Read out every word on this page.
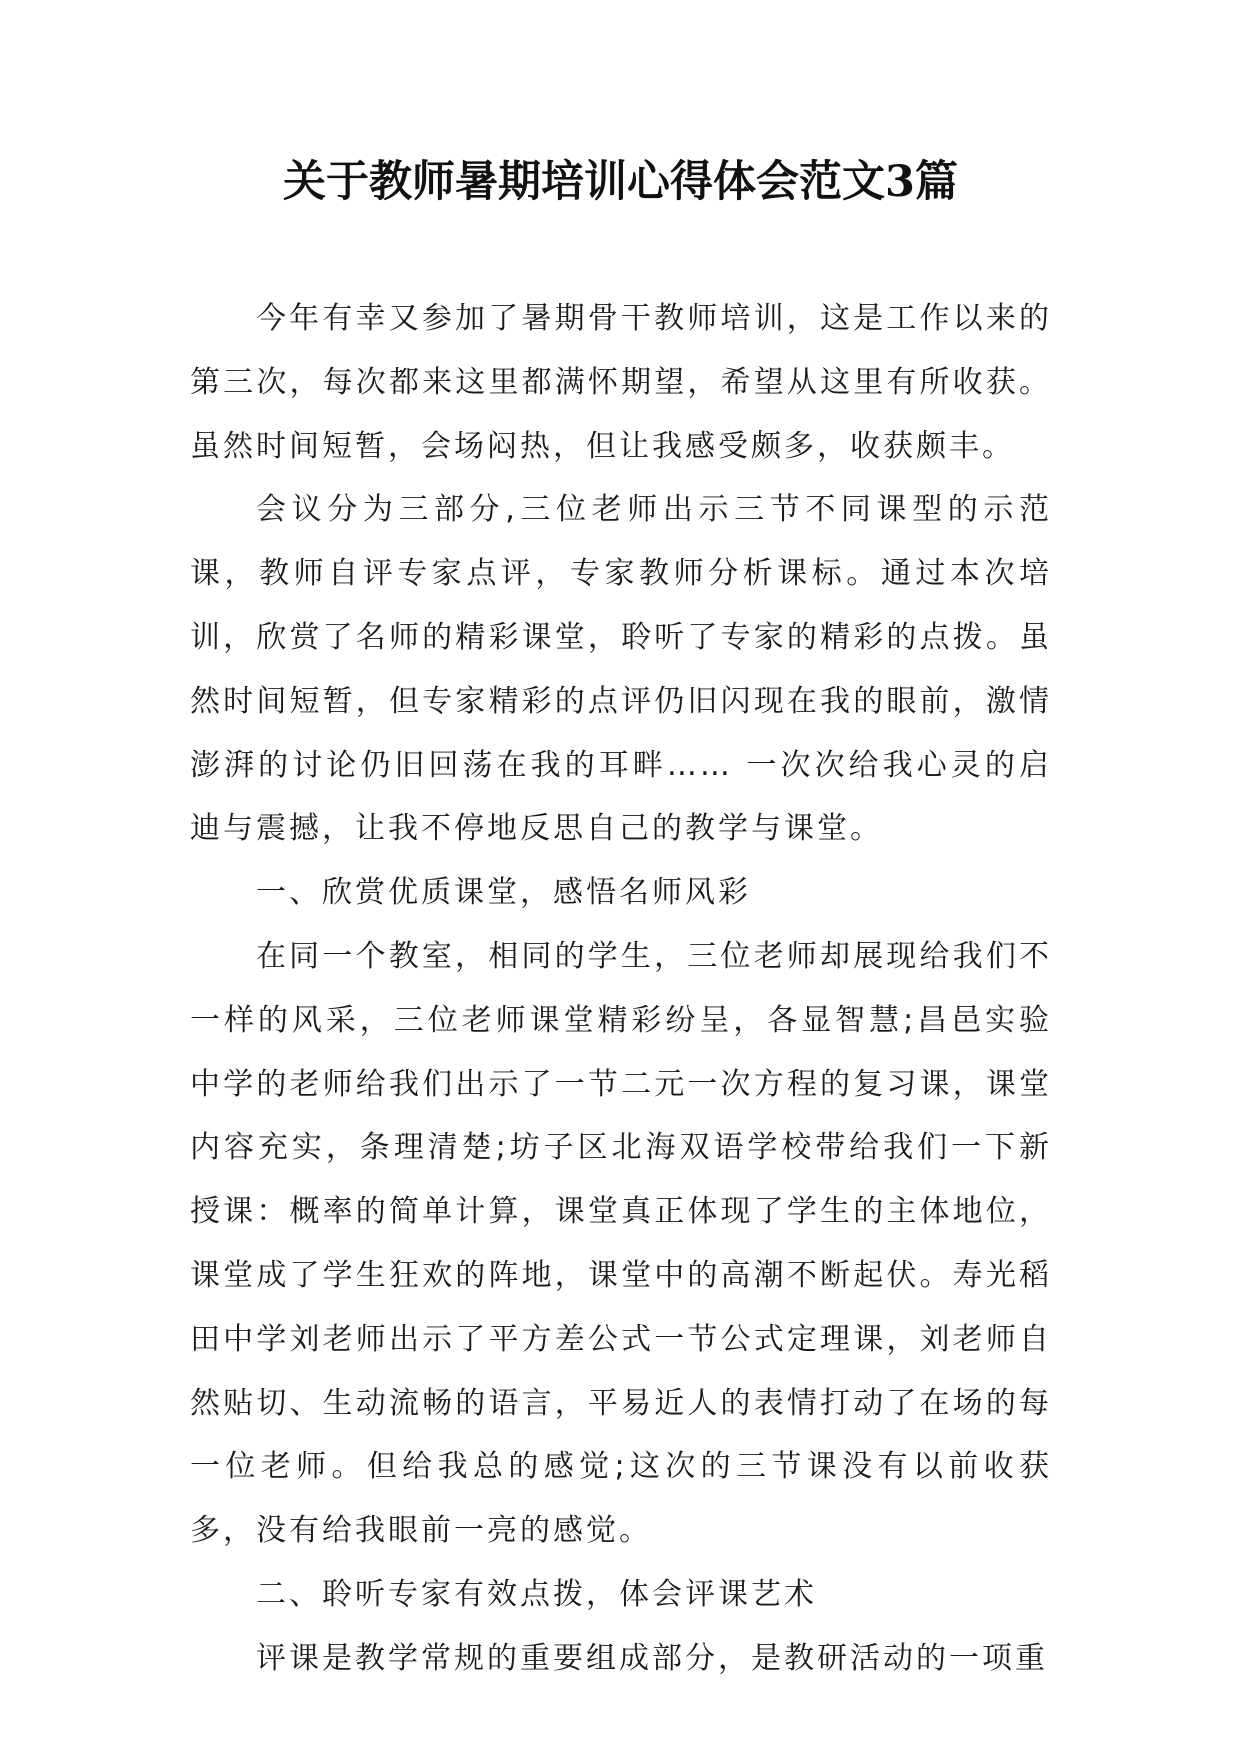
关于教师暑期培训心得体会范文3篇

今年有幸又参加了暑期骨干教师培训，这是工作以来的第三次，每次都来这里都满怀期望，希望从这里有所收获。虽然时间短暂，会场闷热，但让我感受颇多，收获颇丰。

会议分为三部分,三位老师出示三节不同课型的示范课，教师自评专家点评，专家教师分析课标。通过本次培训，欣赏了名师的精彩课堂，聆听了专家的精彩的点拨。虽然时间短暂，但专家精彩的点评仍旧闪现在我的眼前，激情澎湃的讨论仍旧回荡在我的耳畔…… 一次次给我心灵的启迪与震撼，让我不停地反思自己的教学与课堂。

一、欣赏优质课堂，感悟名师风彩

在同一个教室，相同的学生，三位老师却展现给我们不一样的风采，三位老师课堂精彩纷呈，各显智慧;昌邑实验中学的老师给我们出示了一节二元一次方程的复习课，课堂内容充实，条理清楚;坊子区北海双语学校带给我们一下新授课：概率的简单计算，课堂真正体现了学生的主体地位，课堂成了学生狂欢的阵地，课堂中的高潮不断起伏。寿光稻田中学刘老师出示了平方差公式一节公式定理课，刘老师自然贴切、生动流畅的语言，平易近人的表情打动了在场的每一位老师。但给我总的感觉;这次的三节课没有以前收获多，没有给我眼前一亮的感觉。

二、聆听专家有效点拨，体会评课艺术

评课是教学常规的重要组成部分，是教研活动的一项重
